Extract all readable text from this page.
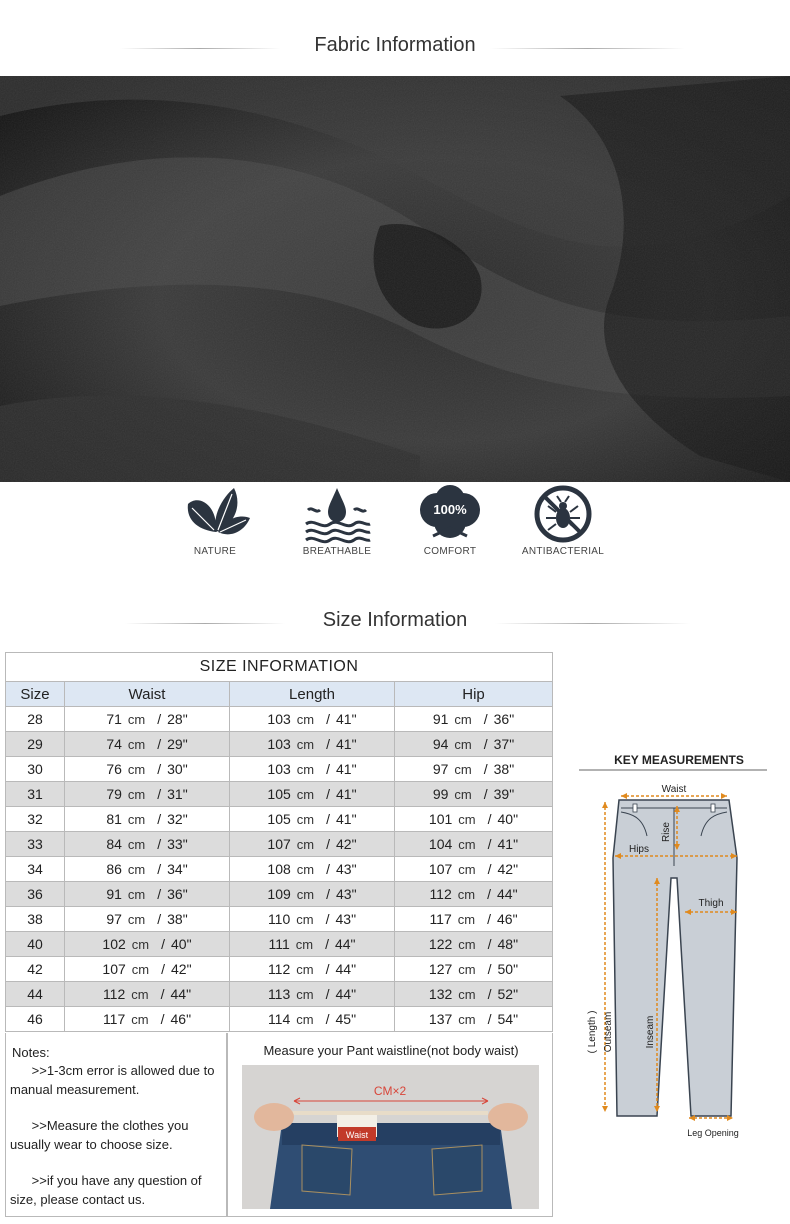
Fabric Information
NATURE	BREATHABLE
100%
COMFORT	ANTIBACTERIAL
Size Information
SIZE INFORMATION			
Size	Waist	Length	Hip
28	71 cm / 28"	103 cm / 41"	91 cm / 36"
29	74 cm / 29"	103 cm / 41"	94 cm / 37"
30	76 cm / 30"	103 cm / 41"	97 cm / 38"
31	79 cm / 31"	105 cm / 41"	99 cm / 39"
32	81 cm / 32"	105 cm / 41"	101 cm / 40"
33	84 cm / 33"	107 cm / 42"	104 cm / 41"
34	86 cm / 34"	108 cm / 43"	107 cm / 42"
36	91 cm / 36"	109 cm / 43"	112 cm / 44"
38	97 cm / 38"	110 cm / 43"	117 cm / 46"
40	102 cm / 40"	111 cm / 44"	122 cm / 48"
42	107 cm / 42"	112 cm / 44"	127 cm / 50"
44	112 cm / 44"	113 cm / 44"	132 cm / 52"
46	117 cm / 46"	114 cm / 45"	137 cm / 54"
Notes:

>>1-3cm error is allowed due to manual measurement.

>>Measure the clothes you usually wear to choose size.

>>if you have any question of size, please contact us.

Measure your Pant waistline(not body waist)
Waist
CM×2
KEY MEASUREMENTS
Waist
Rise
Hips
Thigh
( Length ) Outseam	Inseam
Leg Opening
